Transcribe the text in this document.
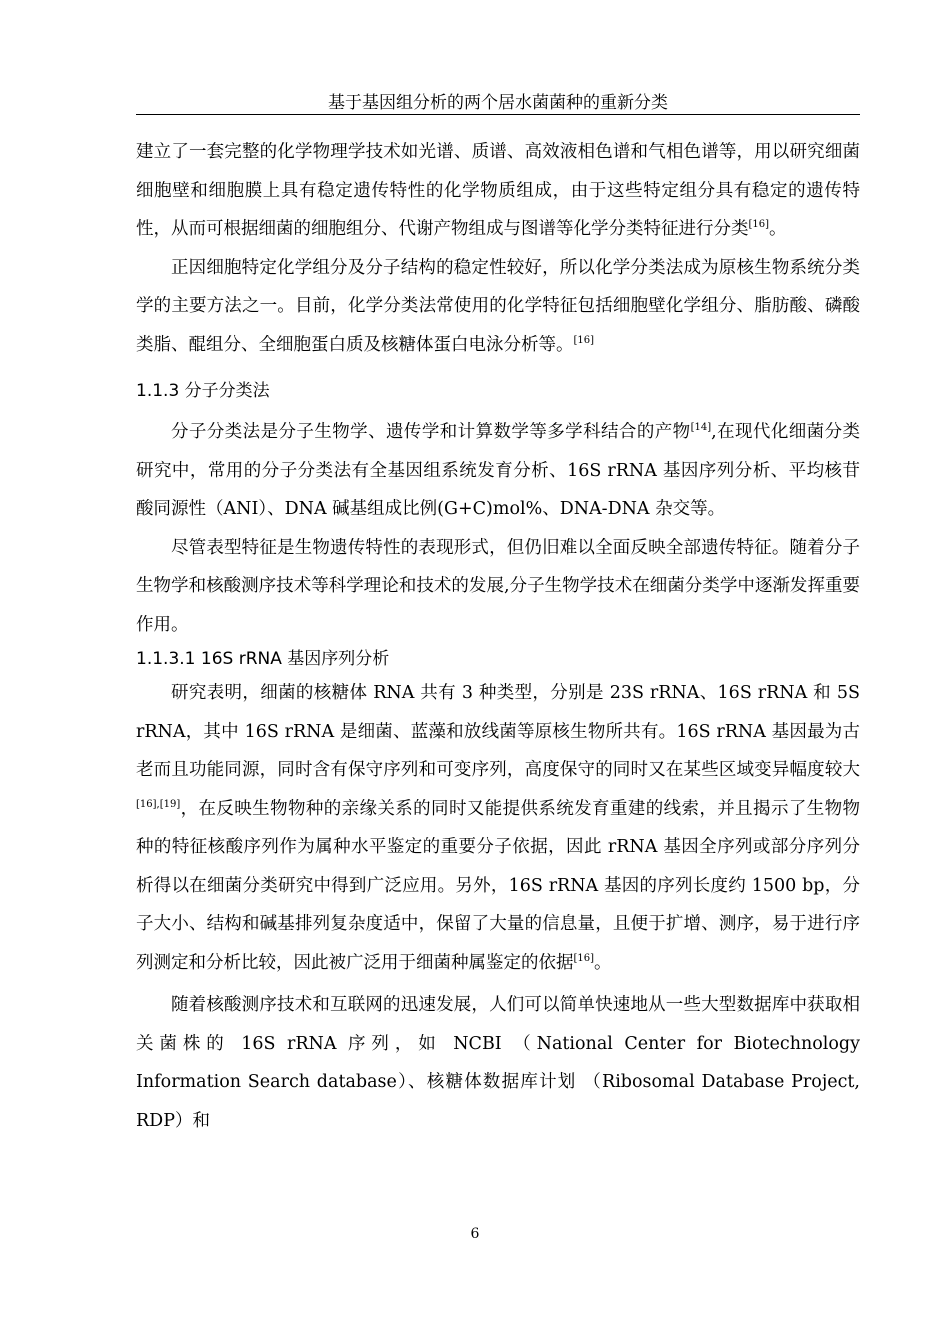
基于基因组分析的两个居水菌菌种的重新分类

建立了一套完整的化学物理学技术如光谱、质谱、高效液相色谱和气相色谱等，用以研究细菌细胞壁和细胞膜上具有稳定遗传特性的化学物质组成，由于这些特定组分具有稳定的遗传特性，从而可根据细菌的细胞组分、代谢产物组成与图谱等化学分类特征进行分类[16]。

正因细胞特定化学组分及分子结构的稳定性较好，所以化学分类法成为原核生物系统分类学的主要方法之一。目前，化学分类法常使用的化学特征包括细胞壁化学组分、脂肪酸、磷酸类脂、醌组分、全细胞蛋白质及核糖体蛋白电泳分析等。[16]

1.1.3 分子分类法

分子分类法是分子生物学、遗传学和计算数学等多学科结合的产物[14],在现代化细菌分类研究中，常用的分子分类法有全基因组系统发育分析、16S rRNA 基因序列分析、平均核苷酸同源性（ANI）、DNA 碱基组成比例(G+C)mol%、DNA-DNA 杂交等。

尽管表型特征是生物遗传特性的表现形式，但仍旧难以全面反映全部遗传特征。随着分子生物学和核酸测序技术等科学理论和技术的发展,分子生物学技术在细菌分类学中逐渐发挥重要作用。

1.1.3.1 16S rRNA 基因序列分析

研究表明，细菌的核糖体 RNA 共有 3 种类型，分别是 23S rRNA、16S rRNA 和 5S rRNA，其中 16S rRNA 是细菌、蓝藻和放线菌等原核生物所共有。16S rRNA 基因最为古老而且功能同源，同时含有保守序列和可变序列，高度保守的同时又在某些区域变异幅度较大[16],[19]，在反映生物物种的亲缘关系的同时又能提供系统发育重建的线索，并且揭示了生物物种的特征核酸序列作为属种水平鉴定的重要分子依据，因此 rRNA 基因全序列或部分序列分析得以在细菌分类研究中得到广泛应用。另外，16S rRNA 基因的序列长度约 1500 bp，分子大小、结构和碱基排列复杂度适中，保留了大量的信息量，且便于扩增、测序，易于进行序列测定和分析比较，因此被广泛用于细菌种属鉴定的依据[16]。

随着核酸测序技术和互联网的迅速发展，人们可以简单快速地从一些大型数据库中获取相关菌株的 16S rRNA 序列，如 NCBI （National Center for Biotechnology Information Search database）、核糖体数据库计划 （Ribosomal Database Project, RDP）和

6
